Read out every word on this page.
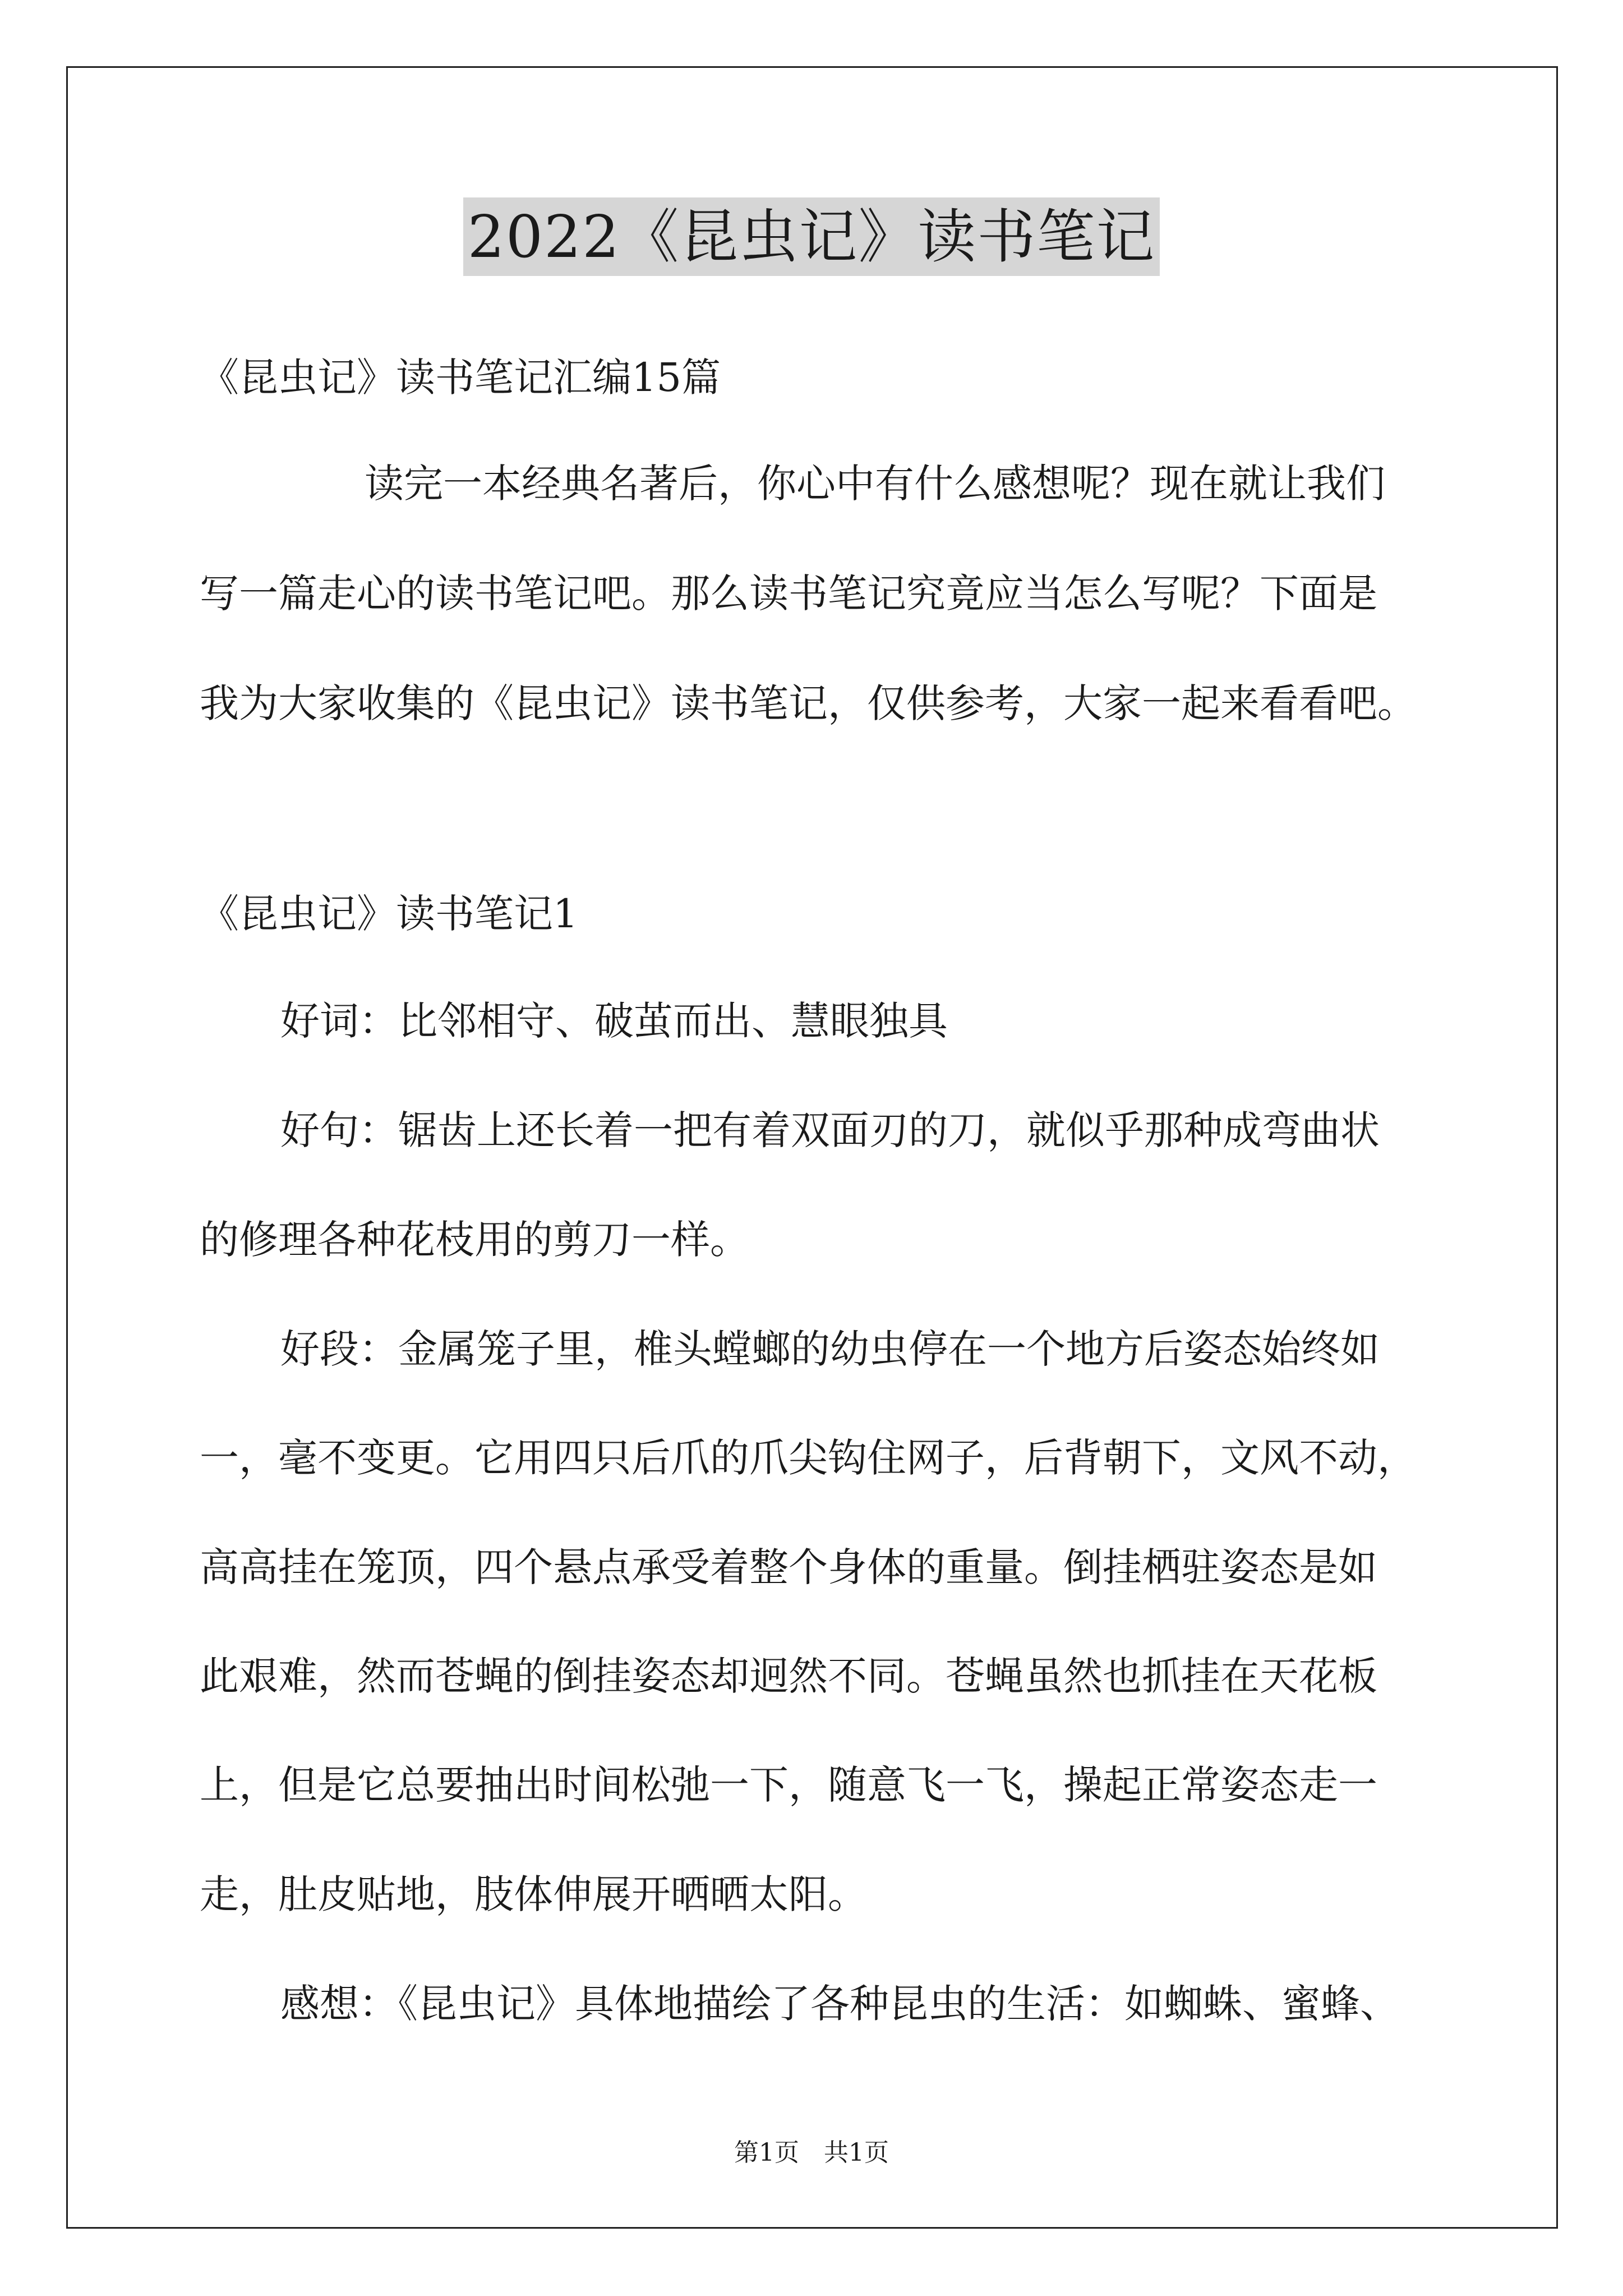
2022《昆虫记》读书笔记
《昆虫记》读书笔记汇编15篇
读完一本经典名著后，你心中有什么感想呢？现在就让我们
写一篇走心的读书笔记吧。那么读书笔记究竟应当怎么写呢？下面是
我为大家收集的《昆虫记》读书笔记，仅供参考，大家一起来看看吧。
《昆虫记》读书笔记1
好词：比邻相守、破茧而出、慧眼独具
好句：锯齿上还长着一把有着双面刃的刀，就似乎那种成弯曲状
的修理各种花枝用的剪刀一样。
好段：金属笼子里，椎头螳螂的幼虫停在一个地方后姿态始终如
一，毫不变更。它用四只后爪的爪尖钩住网子，后背朝下，文风不动，
高高挂在笼顶，四个悬点承受着整个身体的重量。倒挂栖驻姿态是如
此艰难，然而苍蝇的倒挂姿态却迥然不同。苍蝇虽然也抓挂在天花板
上，但是它总要抽出时间松弛一下，随意飞一飞，操起正常姿态走一
走，肚皮贴地，肢体伸展开晒晒太阳。
感想：《昆虫记》具体地描绘了各种昆虫的生活：如蜘蛛、蜜蜂、
第1页　共1页
